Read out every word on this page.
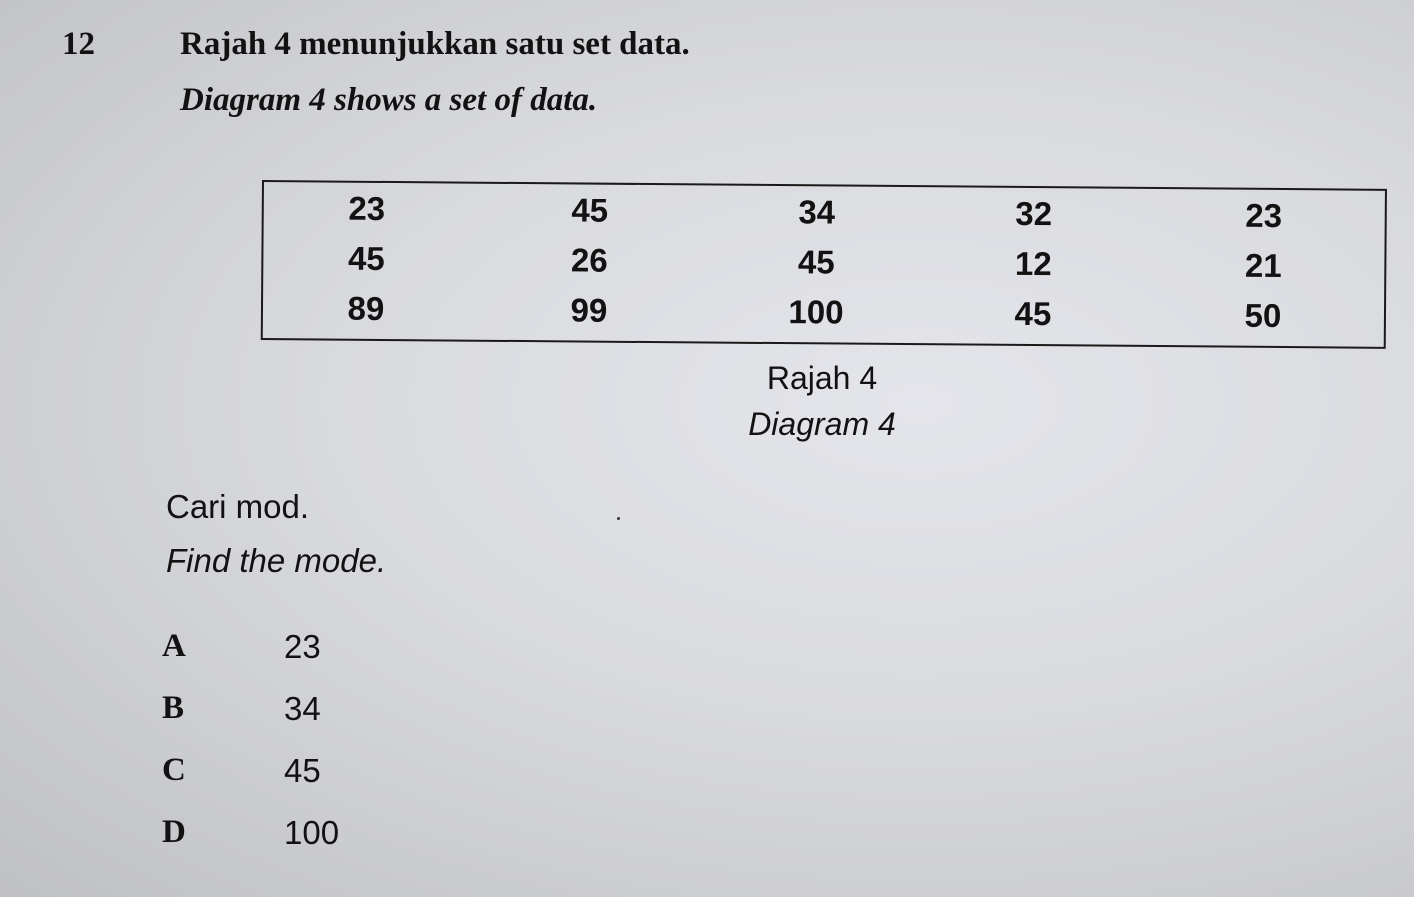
12	Rajah 4 menunjukkan satu set data.
Diagram 4 shows a set of data.
23	45	34	32	23
45	26	45	12	21
89	99	100	45	50
Rajah 4
Diagram 4
Cari mod.
Find the mode.
A	23
B	34
C	45
D	100
